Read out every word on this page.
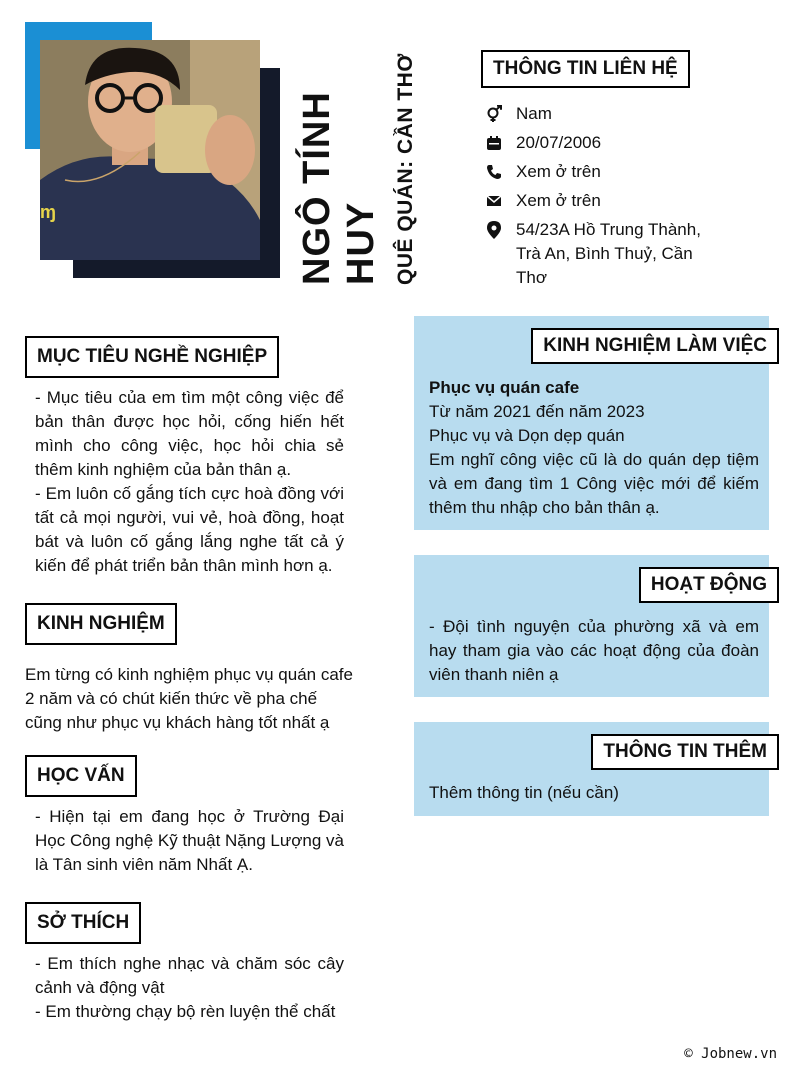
ɱ	NGÔ TÍNH HUY QUÊ QUÁN: CẦN THƠ	THÔNG TIN LIÊN HỆ
Nam
20/07/2006
Xem ở trên
Xem ở trên
54/23A Hồ Trung Thành, Trà An, Bình Thuỷ, Cần Thơ
MỤC TIÊU NGHỀ NGHIỆP
- Mục tiêu của em tìm một công việc để bản thân được học hỏi, cống hiến hết mình cho công việc, học hỏi chia sẻ thêm kinh nghiệm của bản thân ạ.
- Em luôn cố gắng tích cực hoà đồng với tất cả mọi người, vui vẻ, hoà đồng, hoạt bát và luôn cố gắng lắng nghe tất cả ý kiến để phát triển bản thân mình hơn ạ.
KINH NGHIỆM
Em từng có kinh nghiệm phục vụ quán cafe 2 năm và có chút kiến thức về pha chế cũng như phục vụ khách hàng tốt nhất ạ
HỌC VẤN
- Hiện tại em đang học ở Trường Đại Học Công nghệ Kỹ thuật Nặng Lượng và là Tân sinh viên năm Nhất Ạ.
SỞ THÍCH
- Em thích nghe nhạc và chăm sóc cây cảnh và động vật
- Em thường chạy bộ rèn luyện thể chất
KINH NGHIỆM LÀM VIỆC
Phục vụ quán cafe
Từ năm 2021 đến năm 2023
Phục vụ và Dọn dẹp quán
Em nghĩ công việc cũ là do quán dẹp tiệm và em đang tìm 1 Công việc mới để kiếm thêm thu nhập cho bản thân ạ.
HOẠT ĐỘNG
- Đội tình nguyện của phường xã và em hay tham gia vào các hoạt động của đoàn viên thanh niên ạ
THÔNG TIN THÊM
Thêm thông tin (nếu cần)
© Jobnew.vn
